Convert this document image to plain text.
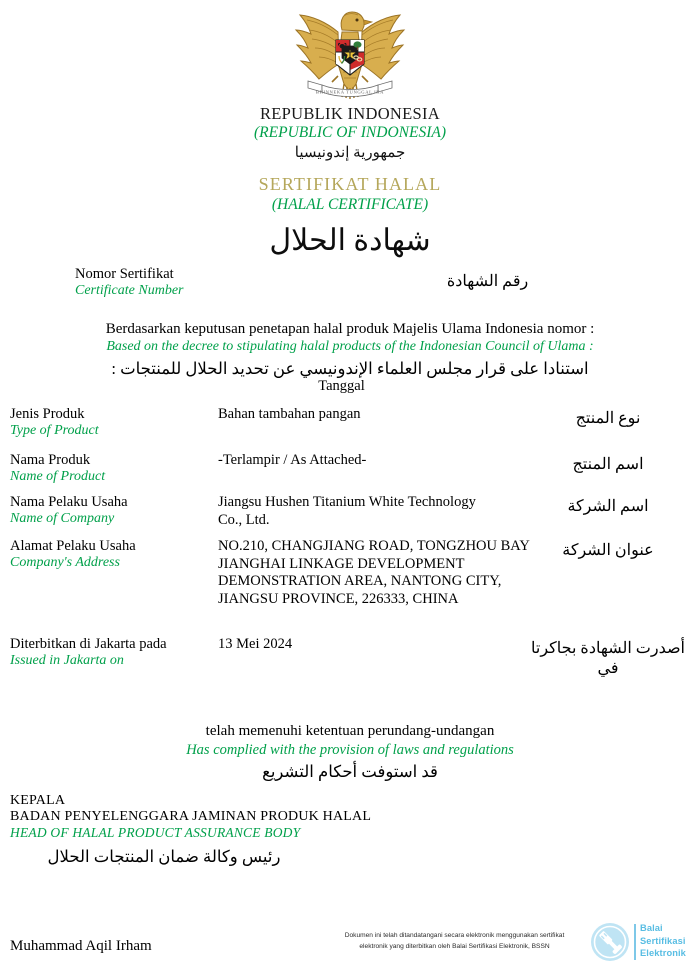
BHINNEKA TUNGGAL IKA
REPUBLIK INDONESIA
(REPUBLIC OF INDONESIA)
جمهورية إندونيسيا
SERTIFIKAT HALAL
(HALAL CERTIFICATE)
شهادة الحلال
Nomor Sertifikat
Certificate Number
رقم الشهادة
Berdasarkan keputusan penetapan halal produk Majelis Ulama Indonesia nomor :
Based on the decree to stipulating halal products of the Indonesian Council of Ulama :
استنادا على قرار مجلس العلماء الإندونيسي عن تحديد الحلال للمنتجات :
Tanggal
Jenis Produk
Type of Product
Bahan tambahan pangan	نوع المنتج
Nama Produk
Name of Product
-Terlampir / As Attached-	اسم المنتج
Nama Pelaku Usaha
Name of Company
Jiangsu Hushen Titanium White Technology
Co., Ltd.
اسم الشركة
Alamat Pelaku Usaha
Company's Address
NO.210, CHANGJIANG ROAD, TONGZHOU BAY
JIANGHAI LINKAGE DEVELOPMENT
DEMONSTRATION AREA, NANTONG CITY,
JIANGSU PROVINCE, 226333, CHINA
عنوان الشركة
Diterbitkan di Jakarta pada
Issued in Jakarta on
13 Mei 2024	أصدرت الشهادة بجاكرتا في
telah memenuhi ketentuan perundang-undangan
Has complied with the provision of laws and regulations
قد استوفت أحكام التشريع
KEPALA
BADAN PENYELENGGARA JAMINAN PRODUK HALAL
HEAD OF HALAL PRODUCT ASSURANCE BODY
رئيس وكالة ضمان المنتجات الحلال
Muhammad Aqil Irham
Dokumen ini telah ditandatangani secara elektronik menggunakan sertifikat
elektronik yang diterbitkan oleh Balai Sertifikasi Elektronik, BSSN
Balai
Sertifikasi
Elektronik
